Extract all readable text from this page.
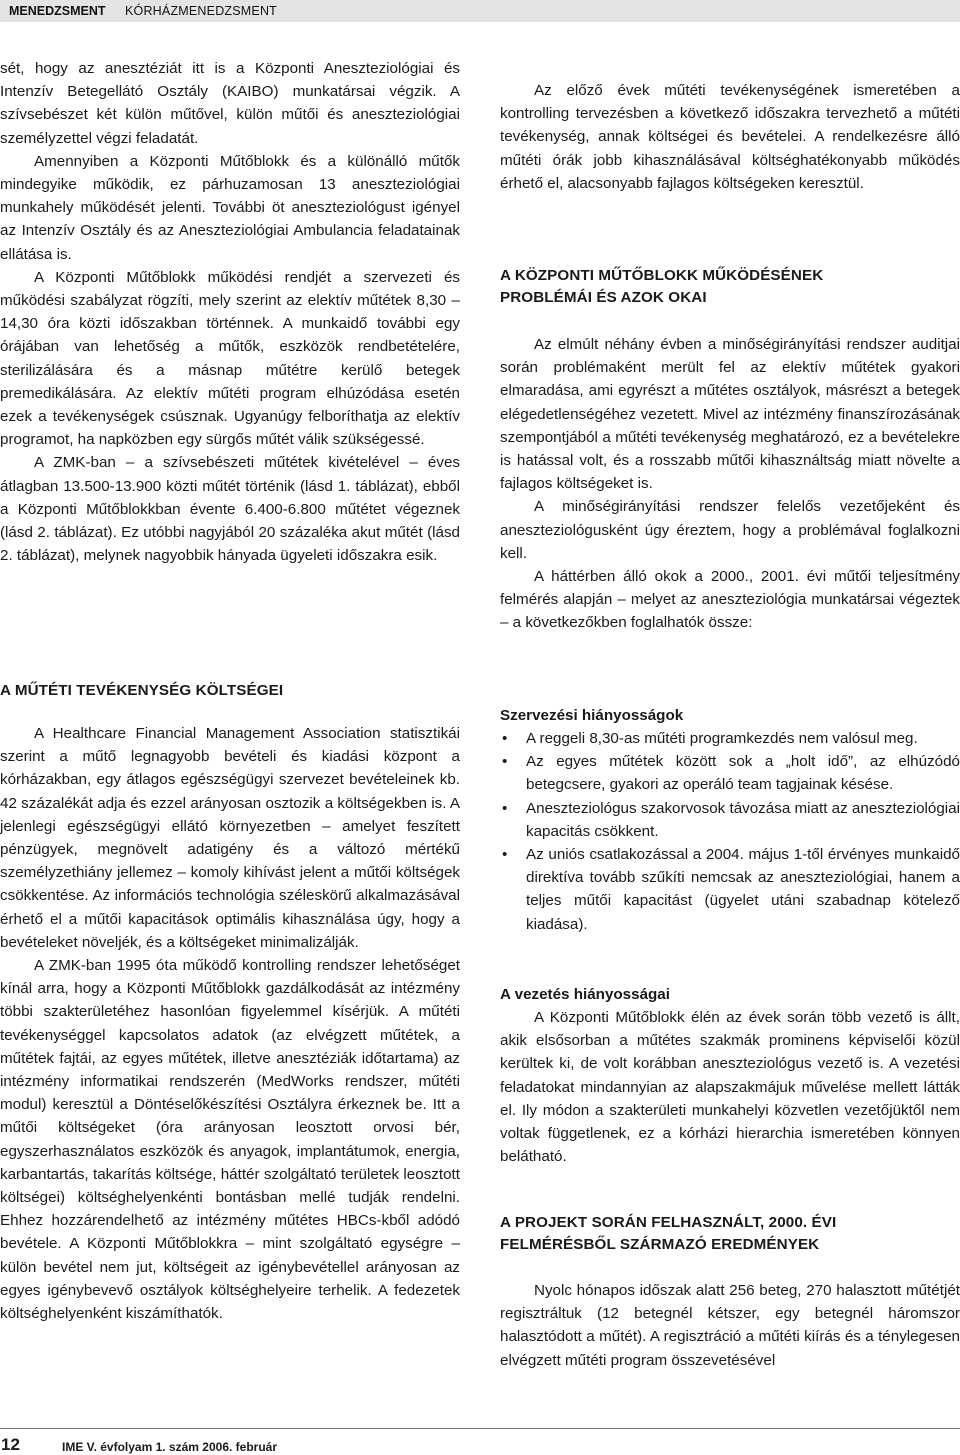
MENEDZSMENT KÓRHÁZMENEDZSMENT

sét, hogy az anesztéziát itt is a Központi Aneszteziológiai és Intenzív Betegellátó Osztály (KAIBO) munkatársai végzik. A szívsebészet két külön műtővel, külön műtői és aneszteziológiai személyzettel végzi feladatát.

Amennyiben a Központi Műtőblokk és a különálló műtők mindegyike működik, ez párhuzamosan 13 aneszteziológiai munkahely működését jelenti. További öt aneszteziológust igényel az Intenzív Osztály és az Aneszteziológiai Ambulancia feladatainak ellátása is.

A Központi Műtőblokk működési rendjét a szervezeti és működési szabályzat rögzíti, mely szerint az elektív műtétek 8,30 – 14,30 óra közti időszakban történnek. A munkaidő további egy órájában van lehetőség a műtők, eszközök rendbetételére, sterilizálására és a másnap műtétre kerülő betegek premedikálására. Az elektív műtéti program elhúzódása esetén ezek a tevékenységek csúsznak. Ugyanúgy felboríthatja az elektív programot, ha napközben egy sürgős műtét válik szükségessé.

A ZMK-ban – a szívsebészeti műtétek kivételével – éves átlagban 13.500-13.900 közti műtét történik (lásd 1. táblázat), ebből a Központi Műtőblokkban évente 6.400-6.800 műtétet végeznek (lásd 2. táblázat). Ez utóbbi nagyjából 20 százaléka akut műtét (lásd 2. táblázat), melynek nagyobbik hányada ügyeleti időszakra esik.

A MŰTÉTI TEVÉKENYSÉG KÖLTSÉGEI

A Healthcare Financial Management Association statisztikái szerint a műtő legnagyobb bevételi és kiadási központ a kórházakban, egy átlagos egészségügyi szervezet bevételeinek kb. 42 százalékát adja és ezzel arányosan osztozik a költségekben is. A jelenlegi egészségügyi ellátó környezetben – amelyet feszített pénzügyek, megnövelt adatigény és a változó mértékű személyzethiány jellemez – komoly kihívást jelent a műtői költségek csökkentése. Az információs technológia széleskörű alkalmazásával érhető el a műtői kapacitások optimális kihasználása úgy, hogy a bevételeket növeljék, és a költségeket minimalizálják.

A ZMK-ban 1995 óta működő kontrolling rendszer lehetőséget kínál arra, hogy a Központi Műtőblokk gazdálkodását az intézmény többi szakterületéhez hasonlóan figyelemmel kísérjük. A műtéti tevékenységgel kapcsolatos adatok (az elvégzett műtétek, a műtétek fajtái, az egyes műtétek, illetve anesztéziák időtartama) az intézmény informatikai rendszerén (MedWorks rendszer, műtéti modul) keresztül a Döntéselőkészítési Osztályra érkeznek be. Itt a műtői költségeket (óra arányosan leosztott orvosi bér, egyszerhasználatos eszközök és anyagok, implantátumok, energia, karbantartás, takarítás költsége, háttér szolgáltató területek leosztott költségei) költséghelyenkénti bontásban mellé tudják rendelni. Ehhez hozzárendelhető az intézmény műtétes HBCs-kből adódó bevétele. A Központi Műtőblokkra – mint szolgáltató egységre – külön bevétel nem jut, költségeit az igénybevétellel arányosan az egyes igénybevevő osztályok költséghelyeire terhelik. A fedezetek költséghelyenként kiszámíthatók.

Az előző évek műtéti tevékenységének ismeretében a kontrolling tervezésben a következő időszakra tervezhető a műtéti tevékenység, annak költségei és bevételei. A rendelkezésre álló műtéti órák jobb kihasználásával költséghatékonyabb működés érhető el, alacsonyabb fajlagos költségeken keresztül.

A KÖZPONTI MŰTŐBLOKK MŰKÖDÉSÉNEK
PROBLÉMÁI ÉS AZOK OKAI

Az elmúlt néhány évben a minőségirányítási rendszer auditjai során problémaként merült fel az elektív műtétek gyakori elmaradása, ami egyrészt a műtétes osztályok, másrészt a betegek elégedetlenségéhez vezetett. Mivel az intézmény finanszírozásának szempontjából a műtéti tevékenység meghatározó, ez a bevételekre is hatással volt, és a rosszabb műtői kihasználtság miatt növelte a fajlagos költségeket is.

A minőségirányítási rendszer felelős vezetőjeként és aneszteziológusként úgy éreztem, hogy a problémával foglalkozni kell.

A háttérben álló okok a 2000., 2001. évi műtői teljesítmény felmérés alapján – melyet az aneszteziológia munkatársai végeztek – a következőkben foglalhatók össze:

Szervezési hiányosságok
• A reggeli 8,30-as műtéti programkezdés nem valósul meg.
• Az egyes műtétek között sok a „holt idő”, az elhúzódó betegcsere, gyakori az operáló team tagjainak késése.
• Aneszteziológus szakorvosok távozása miatt az aneszteziológiai kapacitás csökkent.
• Az uniós csatlakozással a 2004. május 1-től érvényes munkaidő direktíva tovább szűkíti nemcsak az aneszteziológiai, hanem a teljes műtői kapacitást (ügyelet utáni szabadnap kötelező kiadása).
A vezetés hiányosságai

A Központi Műtőblokk élén az évek során több vezető is állt, akik elsősorban a műtétes szakmák prominens képviselői közül kerültek ki, de volt korábban aneszteziológus vezető is. A vezetési feladatokat mindannyian az alapszakmájuk művelése mellett látták el. Ily módon a szakterületi munkahelyi közvetlen vezetőjüktől nem voltak függetlenek, ez a kórházi hierarchia ismeretében könnyen belátható.

A PROJEKT SORÁN FELHASZNÁLT, 2000. ÉVI
FELMÉRÉSBŐL SZÁRMAZÓ EREDMÉNYEK

Nyolc hónapos időszak alatt 256 beteg, 270 halasztott műtétjét regisztráltuk (12 betegnél kétszer, egy betegnél háromszor halasztódott a műtét). A regisztráció a műtéti kiírás és a ténylegesen elvégzett műtéti program összevetésével

12	IME V. évfolyam 1. szám 2006. február
